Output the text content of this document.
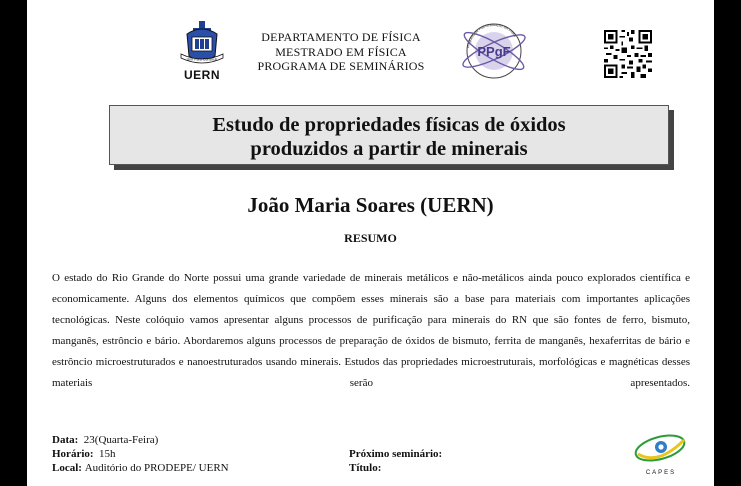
Unir Para Construir
UERN
DEPARTAMENTO DE FÍSICA
MESTRADO EM FÍSICA
PROGRAMA DE SEMINÁRIOS
PPgF
Programa de Pós-Graduação em Física
Estudo de propriedades físicas de óxidos
produzidos a partir de minerais
João Maria Soares (UERN)
RESUMO
O estado do Rio Grande do Norte possui uma grande variedade de minerais metálicos e não-metálicos ainda pouco explorados científica e economicamente. Alguns dos elementos químicos que compõem esses minerais são a base para materiais com importantes aplicações tecnológicas. Neste colóquio vamos apresentar alguns processos de purificação para minerais do RN que são fontes de ferro, bismuto, manganês, estrôncio e bário. Abordaremos alguns processos de preparação de óxidos de bismuto, ferrita de manganês, hexaferritas de bário e estrôncio microestruturados e nanoestruturados usando minerais. Estudos das propriedades microestruturais, morfológicas e magnéticas desses materiais serão apresentados.
Data: 23(Quarta-Feira)
Horário: 15h
Local: Auditório do PRODEPE/ UERN
Próximo seminário:
Título:	CAPES
